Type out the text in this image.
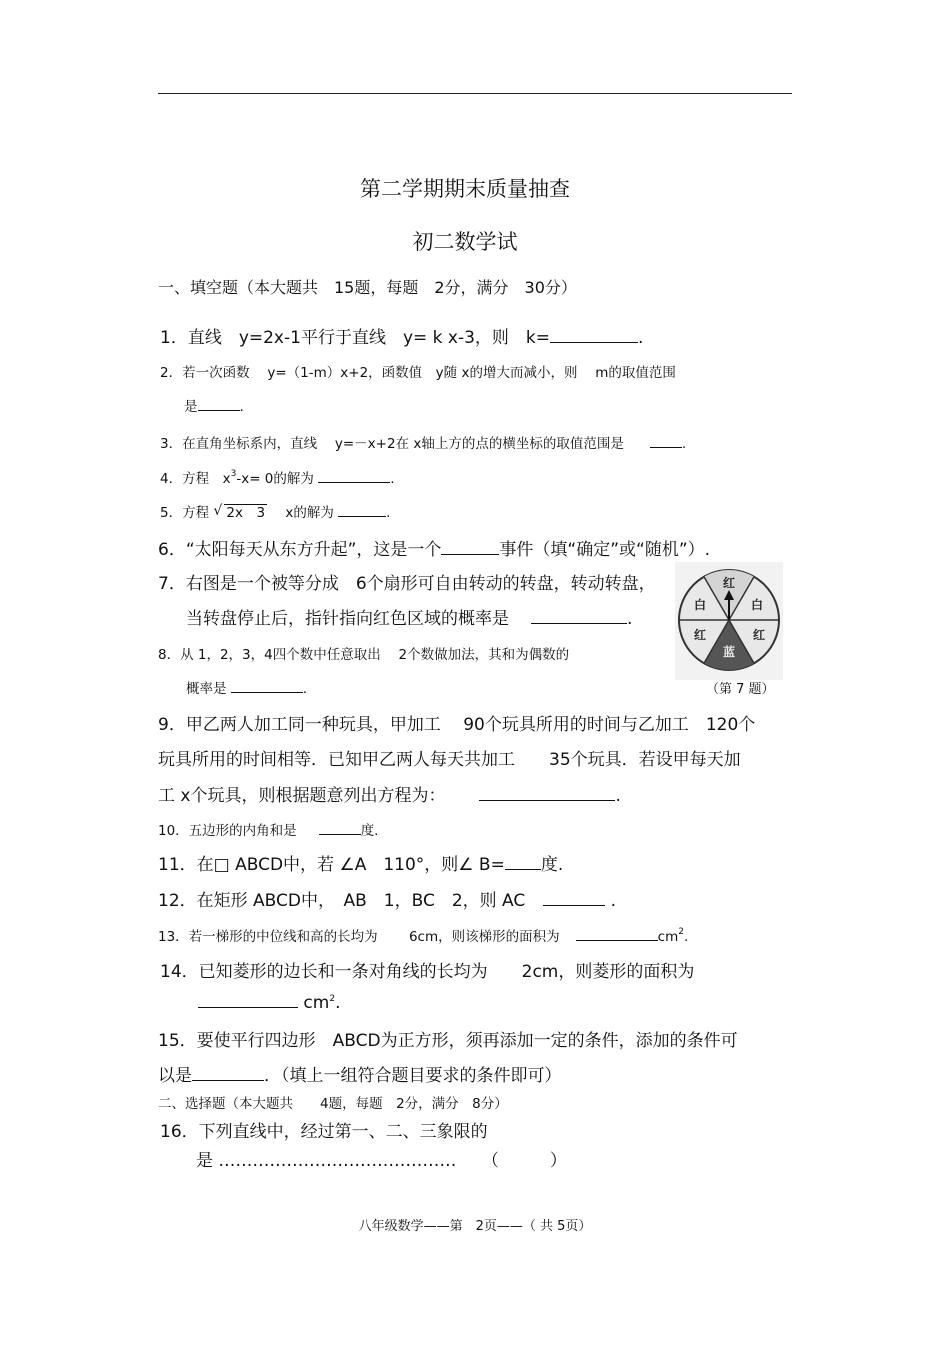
第二学期期末质量抽查
初二数学试
一、填空题（本大题共　15题，每题　2分，满分　30分）
1．直线　y=2x-1平行于直线　y= k x-3，则　k=	.
2．若一次函数　 y=（1-m）x+2，函数值　y随 x的增大而减小，则　 m的取值范围
是	.
3．在直角坐标系内，直线　 y=－x+2在 x轴上方的点的横坐标的取值范围是	.
4．方程　$x^3-x= 0$的解为	.
5．方程 √ 2x　3 x的解为	.
6．“太阳每天从东方升起”，这是一个	事件（填“确定”或“随机”）.
7．右图是一个被等分成　6个扇形可自由转动的转盘，转动转盘，
当转盘停止后，指针指向红色区域的概率是	.
8．从 1，2，3，4四个数中任意取出　 2个数做加法，其和为偶数的
概率是	.
红
白
红
蓝
红
白
（第 7 题）
9．甲乙两人加工同一种玩具，甲加工　 90个玩具所用的时间与乙加工　120个
玩具所用的时间相等．已知甲乙两人每天共加工　　35个玩具．若设甲每天加
工 x个玩具，则根据题意列出方程为：	.
10．五边形的内角和是	度.
11．在□ ABCD中，若 ∠A　110°，则∠ B= 度.
12．在矩形 ABCD中，　AB　1，BC　2，则 AC	.
13．若一梯形的中位线和高的长均为　　 6cm，则该梯形的面积为	$cm^2$.
14．已知菱形的边长和一条对角线的长均为　　2cm，则菱形的面积为
$cm^2$.
15．要使平行四边形　ABCD为正方形，须再添加一定的条件，添加的条件可
以是	．（填上一组符合题目要求的条件即可）
二、选择题（本大题共　　4题，每题　2分，满分　8分）
16．下列直线中，经过第一、二、三象限的
是 ……………………………………　　（　　　）
八年级数学——第　2页——（ 共 5页）
